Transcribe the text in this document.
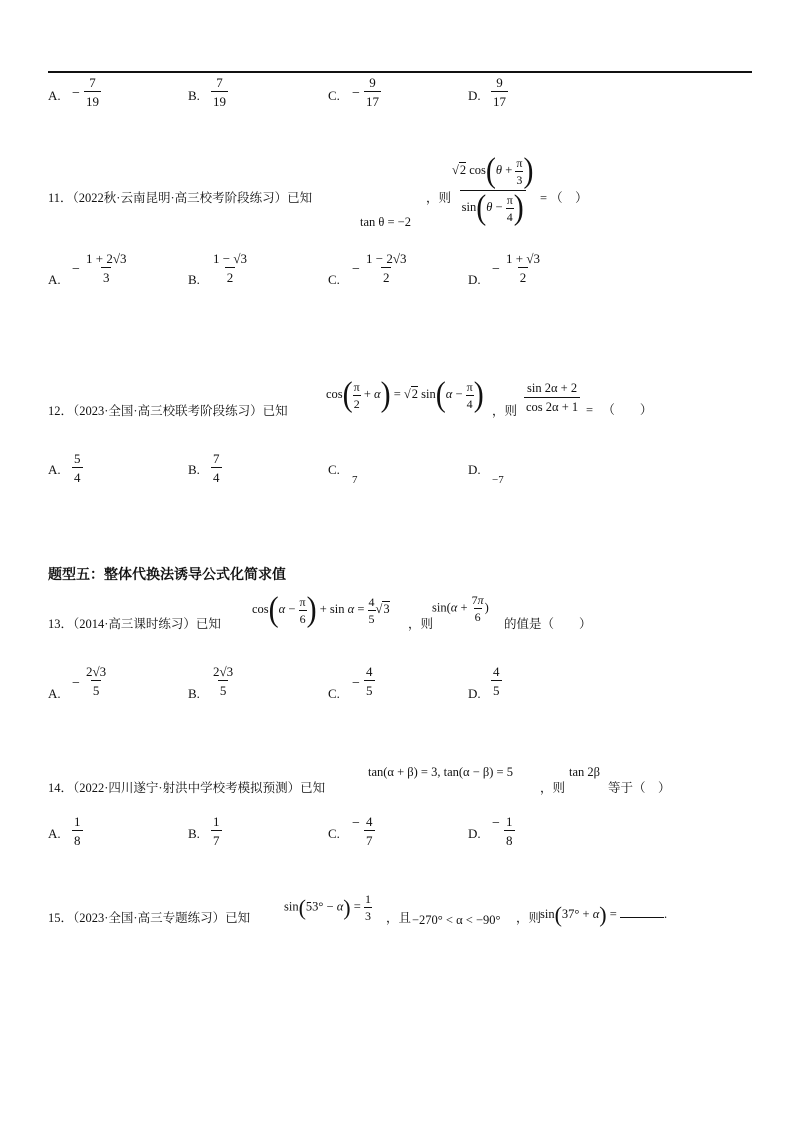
A. − $\frac{7}{19}$	B. $\frac{7}{19}$	C. − $\frac{9}{17}$	D. $\frac{9}{17}$
11．（2022秋·云南昆明·高三校考阶段练习）已知
tan θ = −2
，则
$\frac{√2 \cos(\theta + \frac{\pi}{3} )}{\sin(\theta - \frac{\pi}{4} )}$ = （　）
A.
− $\frac{1 + 2√3}{3}$	B. $\frac{1 - √3}{2}$	C.
− $\frac{1 - 2√3}{2}$	D.
− $\frac{1 + √3}{2}$
12．（2023·全国·高三校联考阶段练习）已知
$\cos( \frac{\pi}{2} + \alpha) = √2$ $\sin(\alpha - \frac{\pi}{4}$ ) ，则 $\frac{\sin 2\alpha + 2}{\cos 2\alpha + 1}$ = 　（　　）
A. $\frac{5}{4}$	B. $\frac{7}{4}$	C.
7
D.
−7
题型五：整体代换法诱导公式化简求值
13．（2014·高三课时练习）已知
$\cos(\alpha - \frac{\pi}{6}$ ) + $\sin \alpha = \frac{4}{5} √3$
，则
$\sin(\alpha + \frac{7\pi}{6}$ )
的值是（　　）
A.
− $\frac{2√3}{5}$	B. $\frac{2√3}{5}$	C.
− $\frac{4}{5}$	D. $\frac{4}{5}$
14．（2022·四川遂宁·射洪中学校考模拟预测）已知
tan(α + β) = 3, tan(α − β) = 5
，则
tan 2β
等于（　）
A. $\frac{1}{8}$	B. $\frac{1}{7}$	C.
− $\frac{4}{7}$	D.
− $\frac{1}{8}$
15．（2023·全国·高三专题练习）已知
$\sin(53^\circ - \alpha) = \frac{1}{3}$ ，且 −270° < α < −90° ，则
sin(37° + α) =	.
